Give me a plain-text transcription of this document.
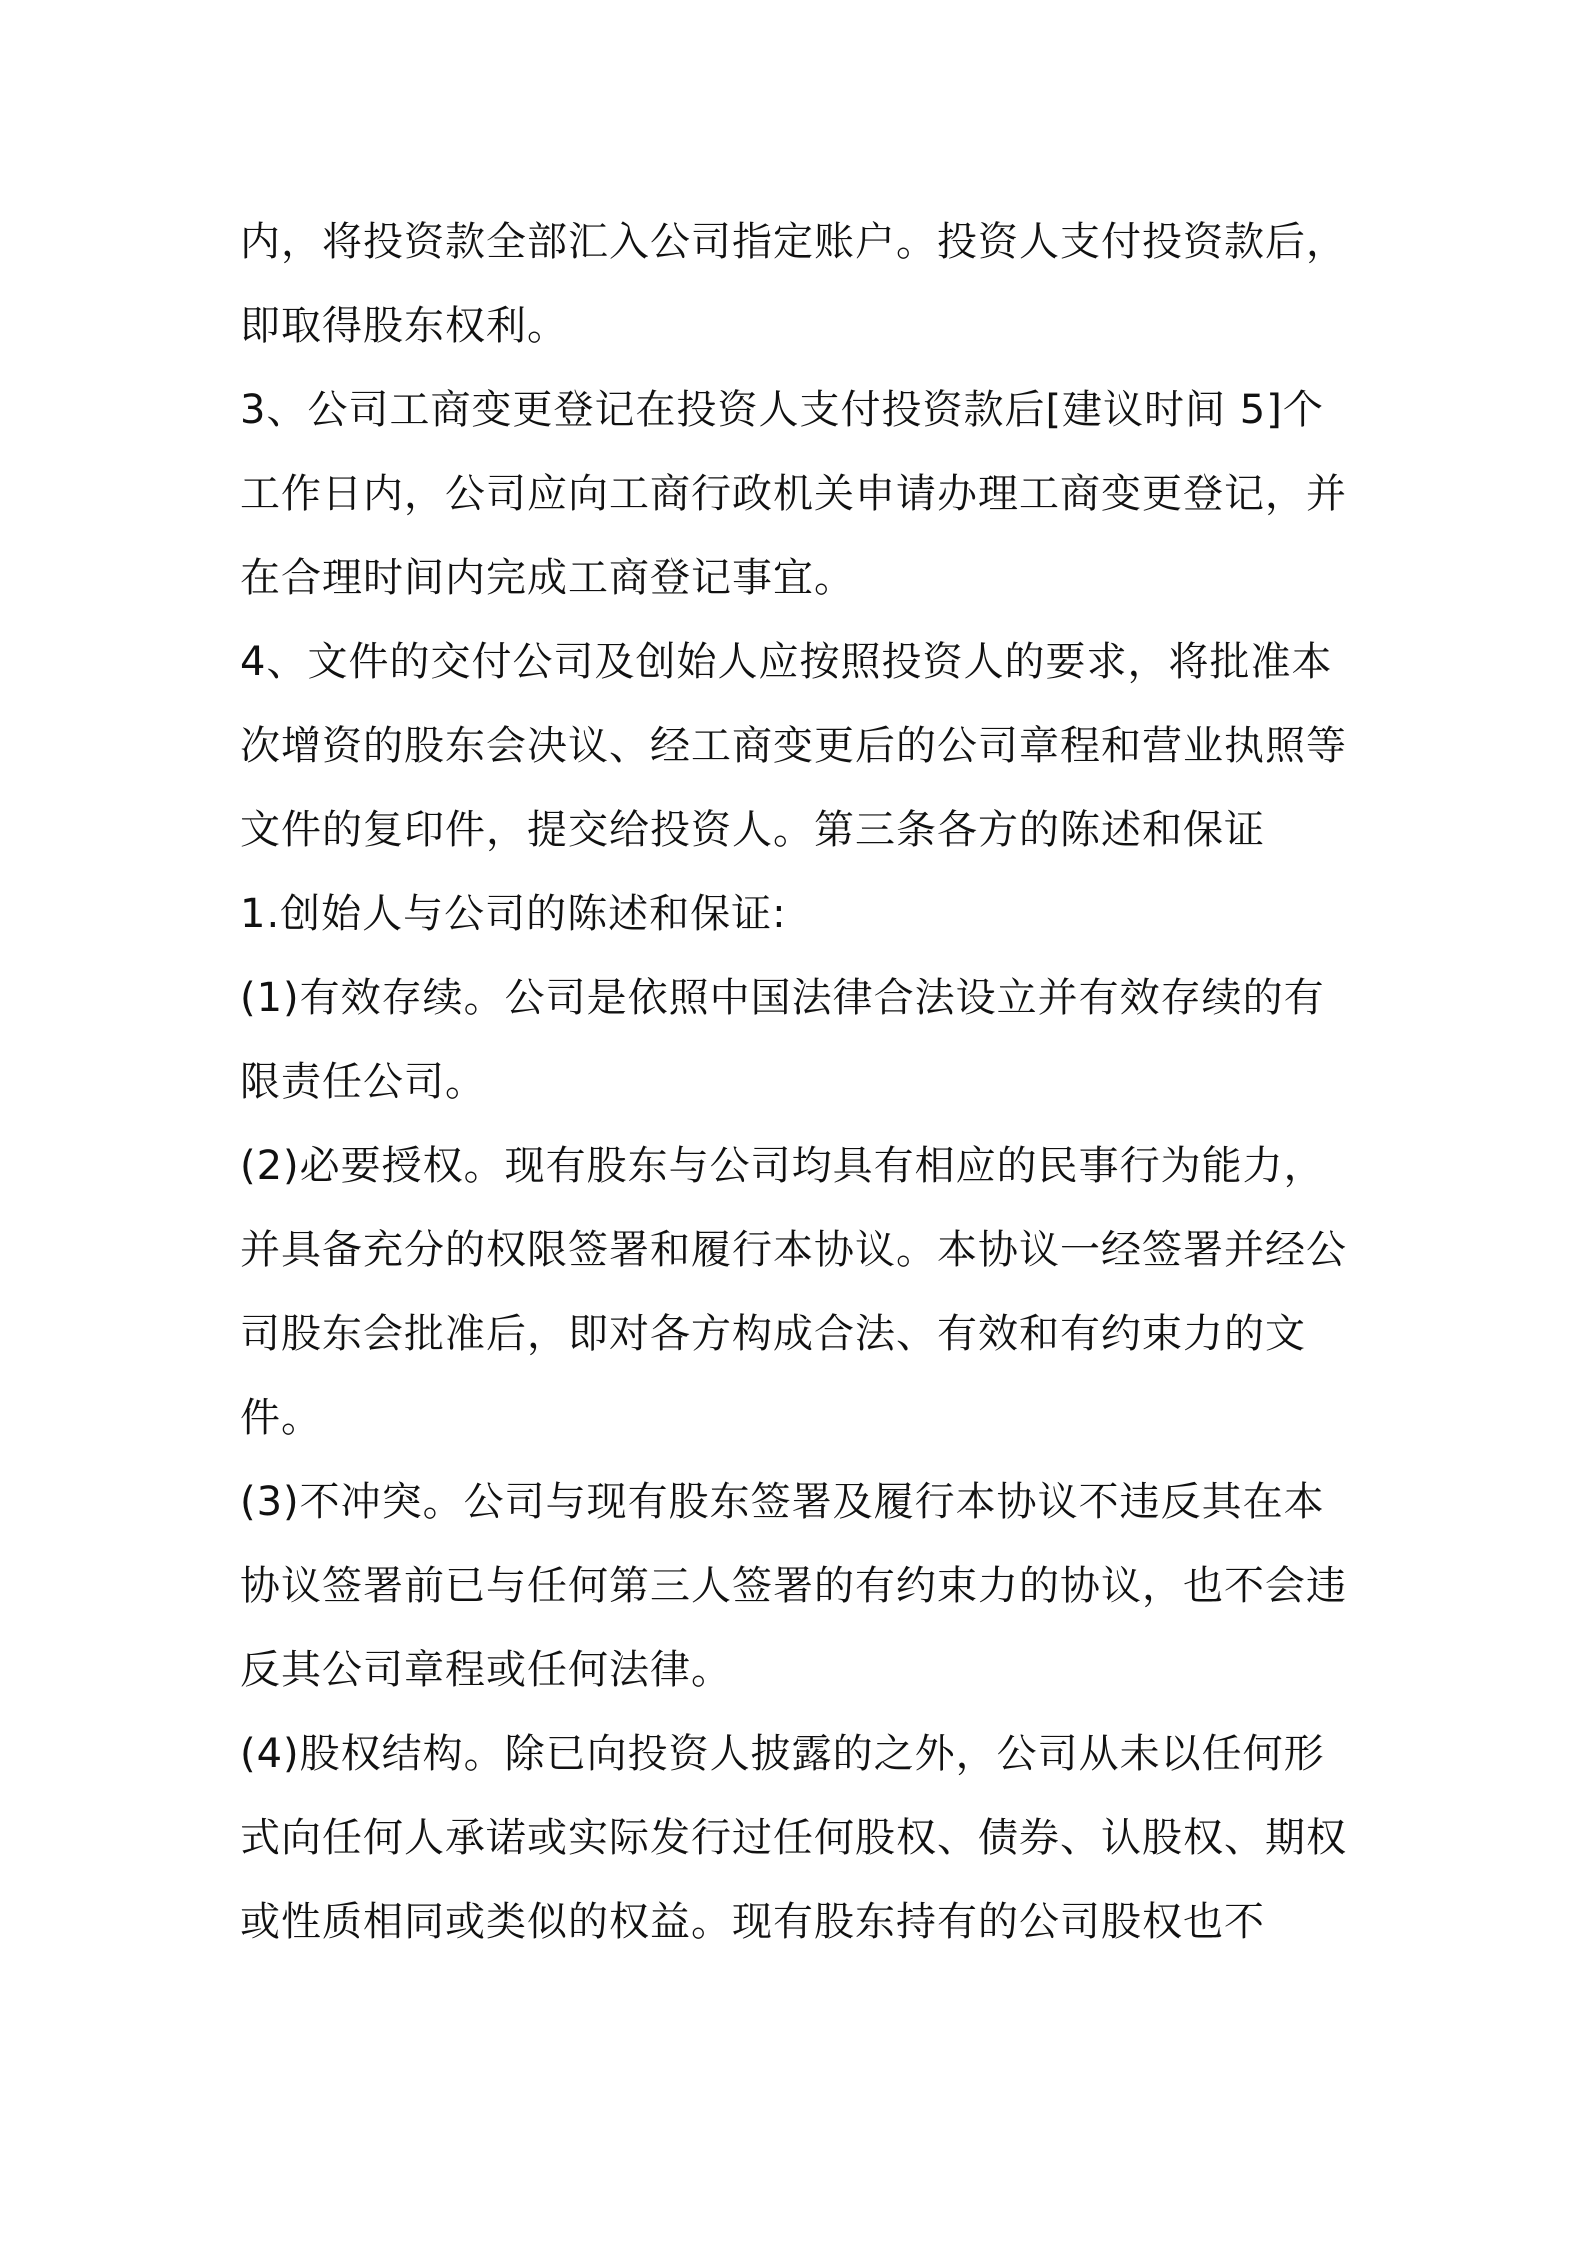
内，将投资款全部汇入公司指定账户。投资人支付投资款后，即取得股东权利。

3、公司工商变更登记在投资人支付投资款后[建议时间 5]个工作日内，公司应向工商行政机关申请办理工商变更登记，并在合理时间内完成工商登记事宜。

4、文件的交付公司及创始人应按照投资人的要求，将批准本次增资的股东会决议、经工商变更后的公司章程和营业执照等文件的复印件，提交给投资人。第三条各方的陈述和保证

1.创始人与公司的陈述和保证:

(1)有效存续。公司是依照中国法律合法设立并有效存续的有限责任公司。

(2)必要授权。现有股东与公司均具有相应的民事行为能力，并具备充分的权限签署和履行本协议。本协议一经签署并经公司股东会批准后，即对各方构成合法、有效和有约束力的文件。

(3)不冲突。公司与现有股东签署及履行本协议不违反其在本协议签署前已与任何第三人签署的有约束力的协议，也不会违反其公司章程或任何法律。

(4)股权结构。除已向投资人披露的之外，公司从未以任何形式向任何人承诺或实际发行过任何股权、债券、认股权、期权或性质相同或类似的权益。现有股东持有的公司股权也不
